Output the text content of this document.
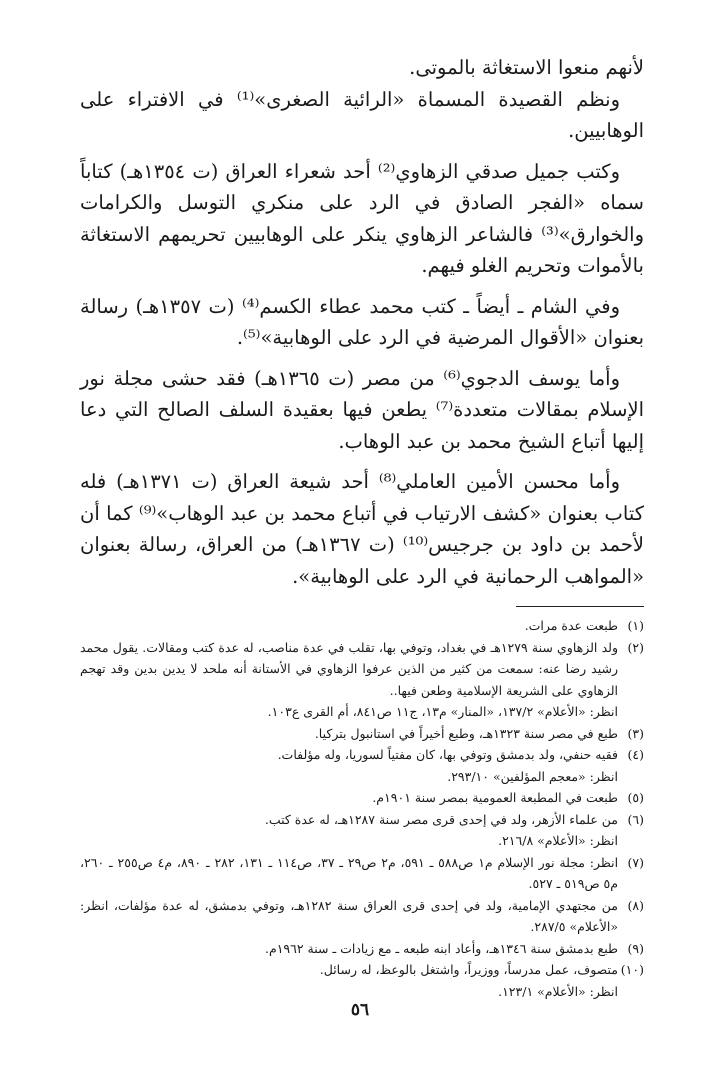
لأنهم منعوا الاستغاثة بالموتى.

ونظم القصيدة المسماة «الرائية الصغرى»⁽¹⁾ في الافتراء على الوهابيين.

وكتب جميل صدقي الزهاوي⁽²⁾ أحد شعراء العراق (ت ١٣٥٤هـ) كتاباً سماه «الفجر الصادق في الرد على منكري التوسل والكرامات والخوارق»⁽³⁾ فالشاعر الزهاوي ينكر على الوهابيين تحريمهم الاستغاثة بالأموات وتحريم الغلو فيهم.

وفي الشام ـ أيضاً ـ كتب محمد عطاء الكسم⁽⁴⁾ (ت ١٣٥٧هـ) رسالة بعنوان «الأقوال المرضية في الرد على الوهابية»⁽⁵⁾.

وأما يوسف الدجوي⁽⁶⁾ من مصر (ت ١٣٦٥هـ) فقد حشى مجلة نور الإسلام بمقالات متعددة⁽⁷⁾ يطعن فيها بعقيدة السلف الصالح التي دعا إليها أتباع الشيخ محمد بن عبد الوهاب.

وأما محسن الأمين العاملي⁽⁸⁾ أحد شيعة العراق (ت ١٣٧١هـ) فله كتاب بعنوان «كشف الارتياب في أتباع محمد بن عبد الوهاب»⁽⁹⁾ كما أن لأحمد بن داود بن جرجيس⁽¹⁰⁾ (ت ١٣٦٧هـ) من العراق، رسالة بعنوان «المواهب الرحمانية في الرد على الوهابية».

(١)
طبعت عدة مرات.
(٢)
ولد الزهاوي سنة ١٢٧٩هـ في بغداد، وتوفي بها، تقلب في عدة مناصب، له عدة كتب ومقالات. يقول محمد رشيد رضا عنه: سمعت من كثير من الذين عرفوا الزهاوي في الأستانة أنه ملحد لا يدين بدين وقد تهجم الزهاوي على الشريعة الإسلامية وطعن فيها..
انظر: «الأعلام» ١٣٧/٢، «المنار» م١٣، ج١١ ص٨٤١، أم القرى ع١٠٣.
(٣)
طبع في مصر سنة ١٣٢٣هـ، وطبع أخيراً في استانبول بتركيا.
(٤)
فقيه حنفي، ولد بدمشق وتوفي بها، كان مفتياً لسوريا، وله مؤلفات.
انظر: «معجم المؤلفين» ٢٩٣/١٠.
(٥)
طبعت في المطبعة العمومية بمصر سنة ١٩٠١م.
(٦)
من علماء الأزهر، ولد في إحدى قرى مصر سنة ١٢٨٧هـ، له عدة كتب.
انظر: «الأعلام» ٢١٦/٨.
(٧)
انظر: مجلة نور الإسلام م١ ص٥٨٨ ـ ٥٩١، م٢ ص٢٩ ـ ٣٧، ص١١٤ ـ ١٣١، ٢٨٢ ـ ٨٩٠، م٤ ص٢٥٥ ـ ٢٦٠، م٥ ص٥١٩ ـ ٥٢٧.
(٨)
من مجتهدي الإمامية، ولد في إحدى قرى العراق سنة ١٢٨٢هـ، وتوفي بدمشق، له عدة مؤلفات، انظر: «الأعلام» ٢٨٧/٥.
(٩)
طبع بدمشق سنة ١٣٤٦هـ، وأعاد ابنه طبعه ـ مع زيادات ـ سنة ١٩٦٢م.
(١٠)
متصوف، عمل مدرساً، ووزيراً، واشتغل بالوعظ، له رسائل.
انظر: «الأعلام» ١٢٣/١.
٥٦
